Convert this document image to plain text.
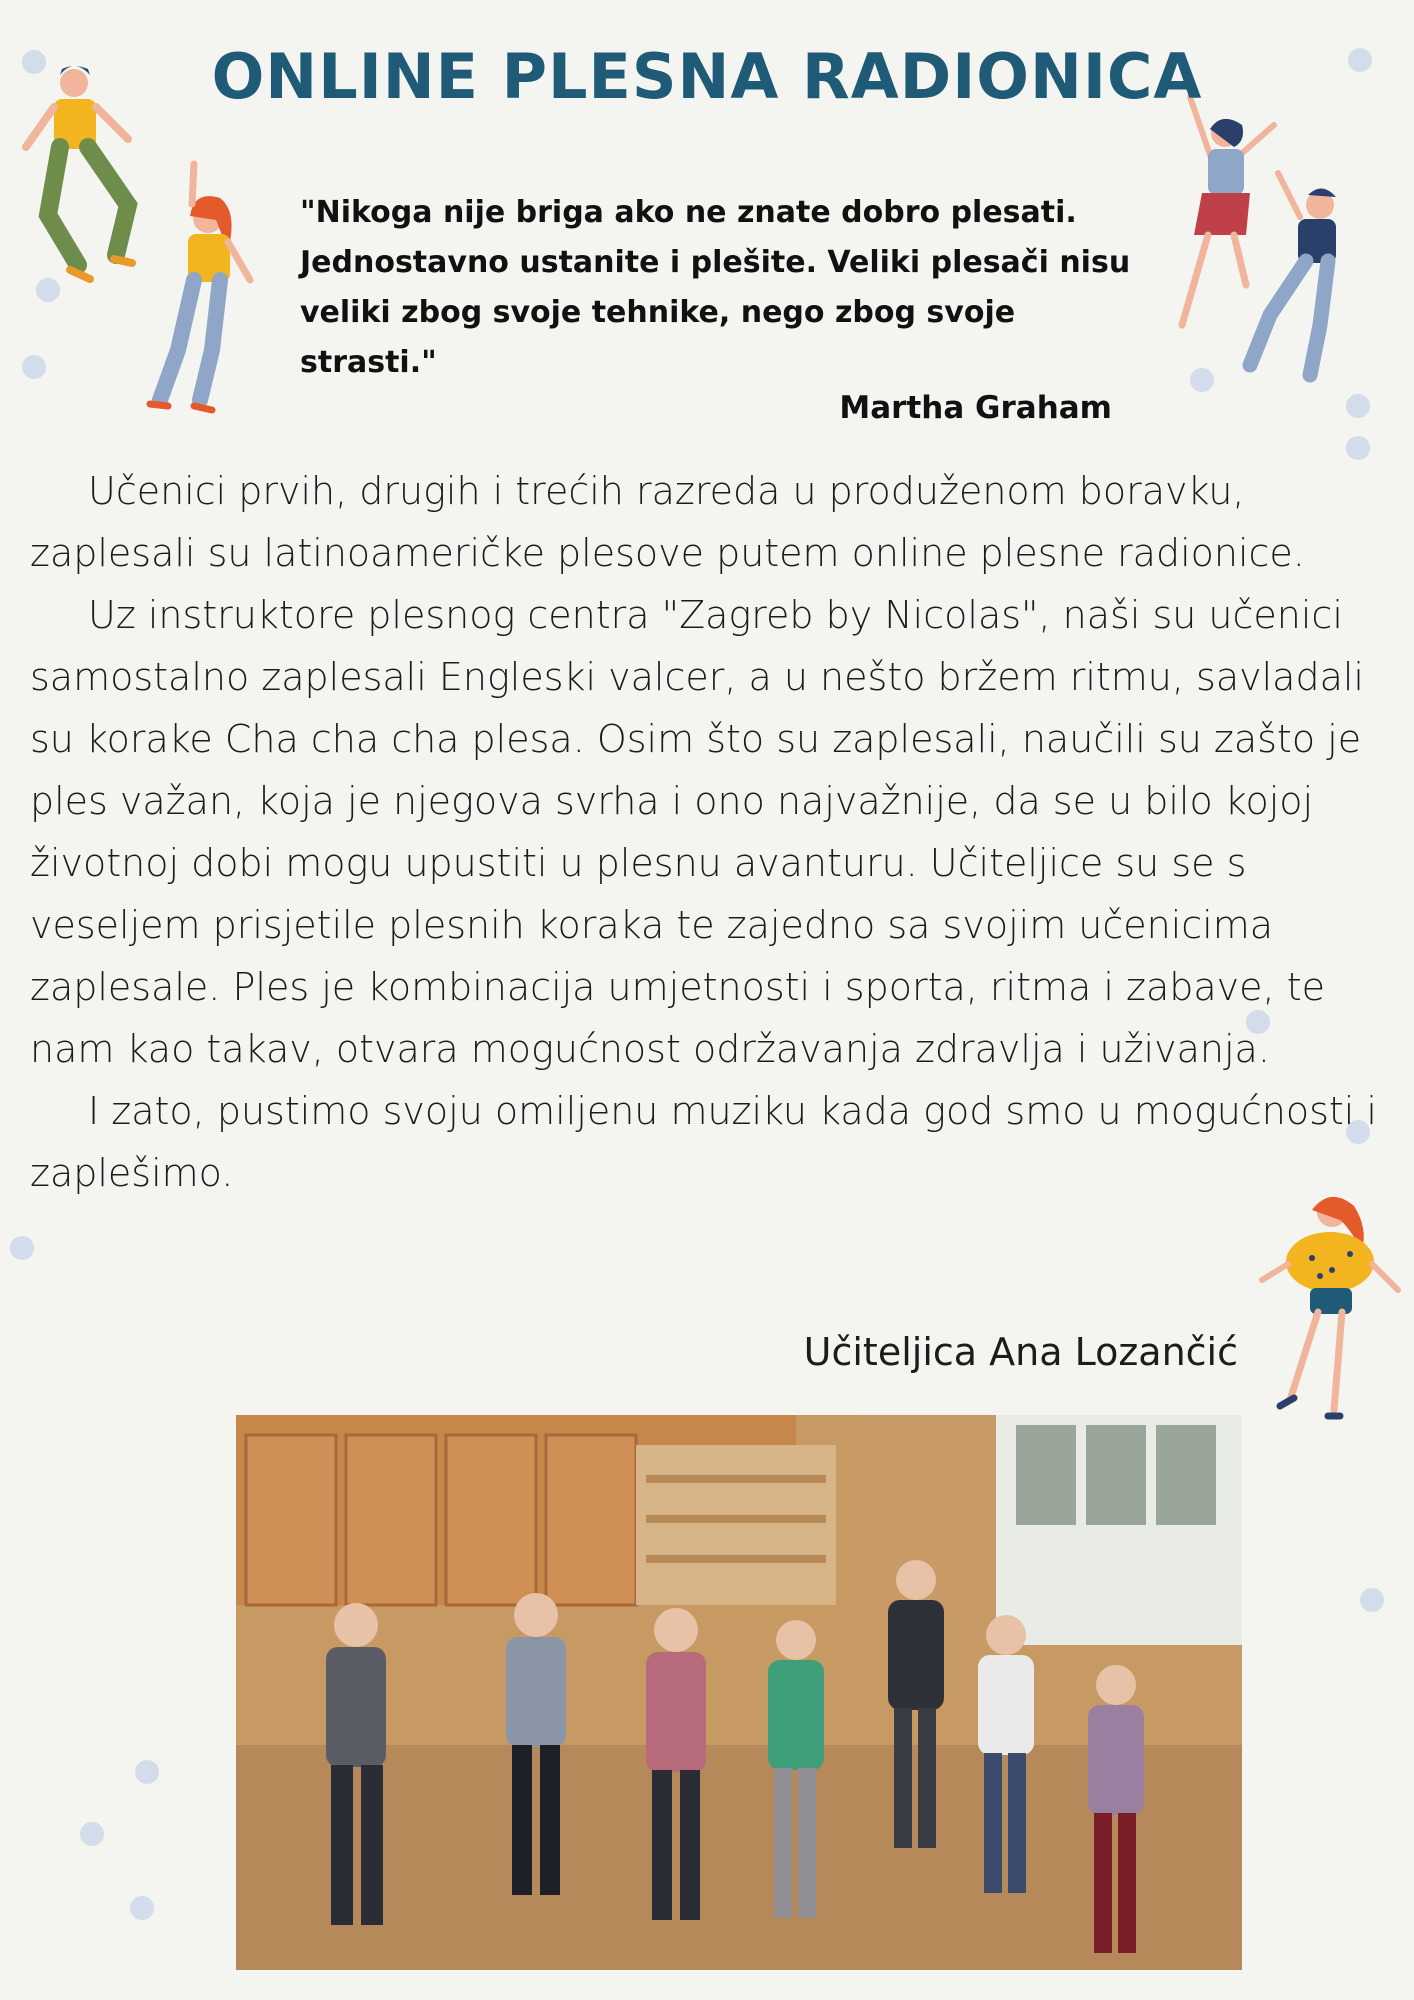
ONLINE PLESNA RADIONICA
"Nikoga nije briga ako ne znate dobro plesati. Jednostavno ustanite i plešite. Veliki plesači nisu veliki zbog svoje tehnike, nego zbog svoje strasti."
Martha Graham

Učenici prvih, drugih i trećih razreda u produženom boravku, zaplesali su latinoameričke plesove putem online plesne radionice.

Uz instruktore plesnog centra "Zagreb by Nicolas", naši su učenici samostalno zaplesali Engleski valcer, a u nešto bržem ritmu, savladali su korake Cha cha cha plesa. Osim što su zaplesali, naučili su zašto je ples važan, koja je njegova svrha i ono najvažnije, da se u bilo kojoj životnoj dobi mogu upustiti u plesnu avanturu. Učiteljice su se s veseljem prisjetile plesnih koraka te zajedno sa svojim učenicima zaplesale. Ples je kombinacija umjetnosti i sporta, ritma i zabave, te nam kao takav, otvara mogućnost održavanja zdravlja i uživanja.

I zato, pustimo svoju omiljenu muziku kada god smo u mogućnosti i zaplešimo.

Učiteljica Ana Lozančić
